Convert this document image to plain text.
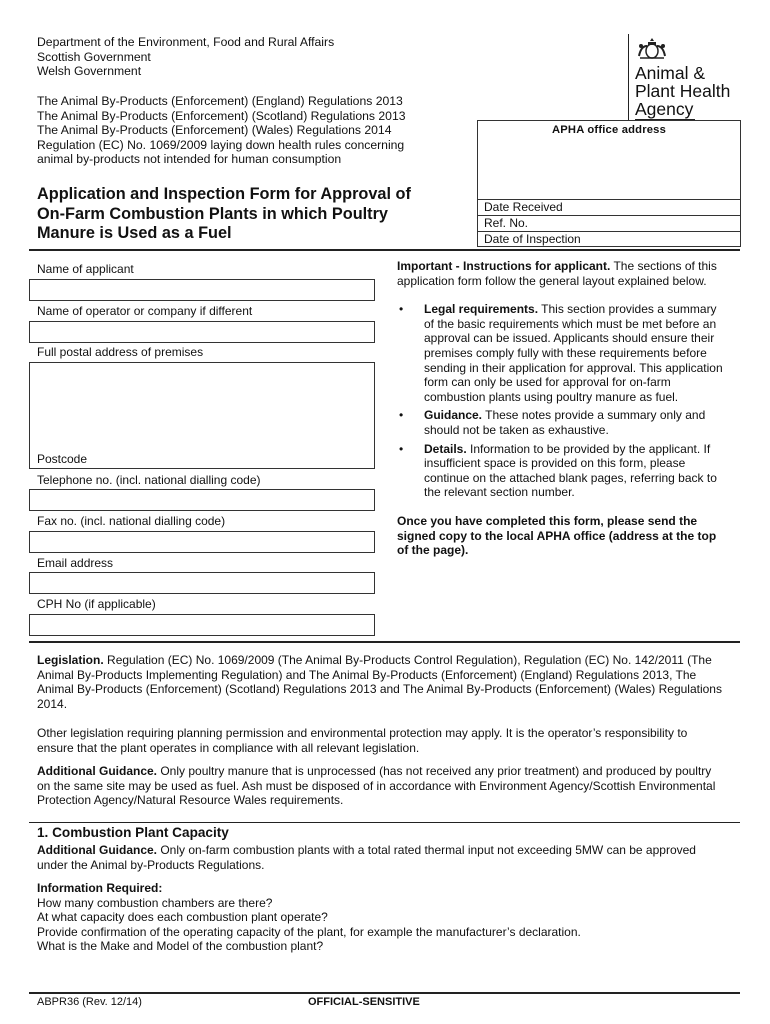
Department of the Environment, Food and Rural Affairs
Scottish Government
Welsh Government
The Animal By-Products (Enforcement) (England) Regulations 2013
The Animal By-Products (Enforcement) (Scotland) Regulations 2013
The Animal By-Products (Enforcement) (Wales) Regulations 2014
Regulation (EC) No. 1069/2009 laying down health rules concerning
animal by-products not intended for human consumption
Application and Inspection Form for Approval of
On-Farm Combustion Plants in which Poultry
Manure is Used as a Fuel
Animal &
Plant Health
Agency
APHA office address
Date Received
Ref. No.
Date of Inspection
Name of applicant
Name of operator or company if different
Full postal address of premises
Postcode
Telephone no. (incl. national dialling code)
Fax no. (incl. national dialling code)
Email address
CPH No (if applicable)
Important - Instructions for applicant. The sections of this application form follow the general layout explained below.
• Legal requirements. This section provides a summary of the basic requirements which must be met before an approval can be issued. Applicants should ensure their premises comply fully with these requirements before sending in their application for approval. This application form can only be used for approval for on-farm combustion plants using poultry manure as fuel.
• Guidance. These notes provide a summary only and should not be taken as exhaustive.
• Details. Information to be provided by the applicant. If insufficient space is provided on this form, please continue on the attached blank pages, referring back to the relevant section number.
Once you have completed this form, please send the signed copy to the local APHA office (address at the top of the page).
Legislation. Regulation (EC) No. 1069/2009 (The Animal By-Products Control Regulation), Regulation (EC) No. 142/2011 (The Animal By-Products Implementing Regulation) and The Animal By-Products (Enforcement) (England) Regulations 2013, The Animal By-Products (Enforcement) (Scotland) Regulations 2013 and The Animal By-Products (Enforcement) (Wales) Regulations 2014.
Other legislation requiring planning permission and environmental protection may apply. It is the operator’s responsibility to ensure that the plant operates in compliance with all relevant legislation.
Additional Guidance. Only poultry manure that is unprocessed (has not received any prior treatment) and produced by poultry on the same site may be used as fuel. Ash must be disposed of in accordance with Environment Agency/Scottish Environmental Protection Agency/Natural Resource Wales requirements.
1. Combustion Plant Capacity
Additional Guidance. Only on-farm combustion plants with a total rated thermal input not exceeding 5MW can be approved under the Animal by-Products Regulations.
Information Required:
How many combustion chambers are there?
At what capacity does each combustion plant operate?
Provide confirmation of the operating capacity of the plant, for example the manufacturer’s declaration.
What is the Make and Model of the combustion plant?
ABPR36 (Rev. 12/14)	OFFICIAL-SENSITIVE
